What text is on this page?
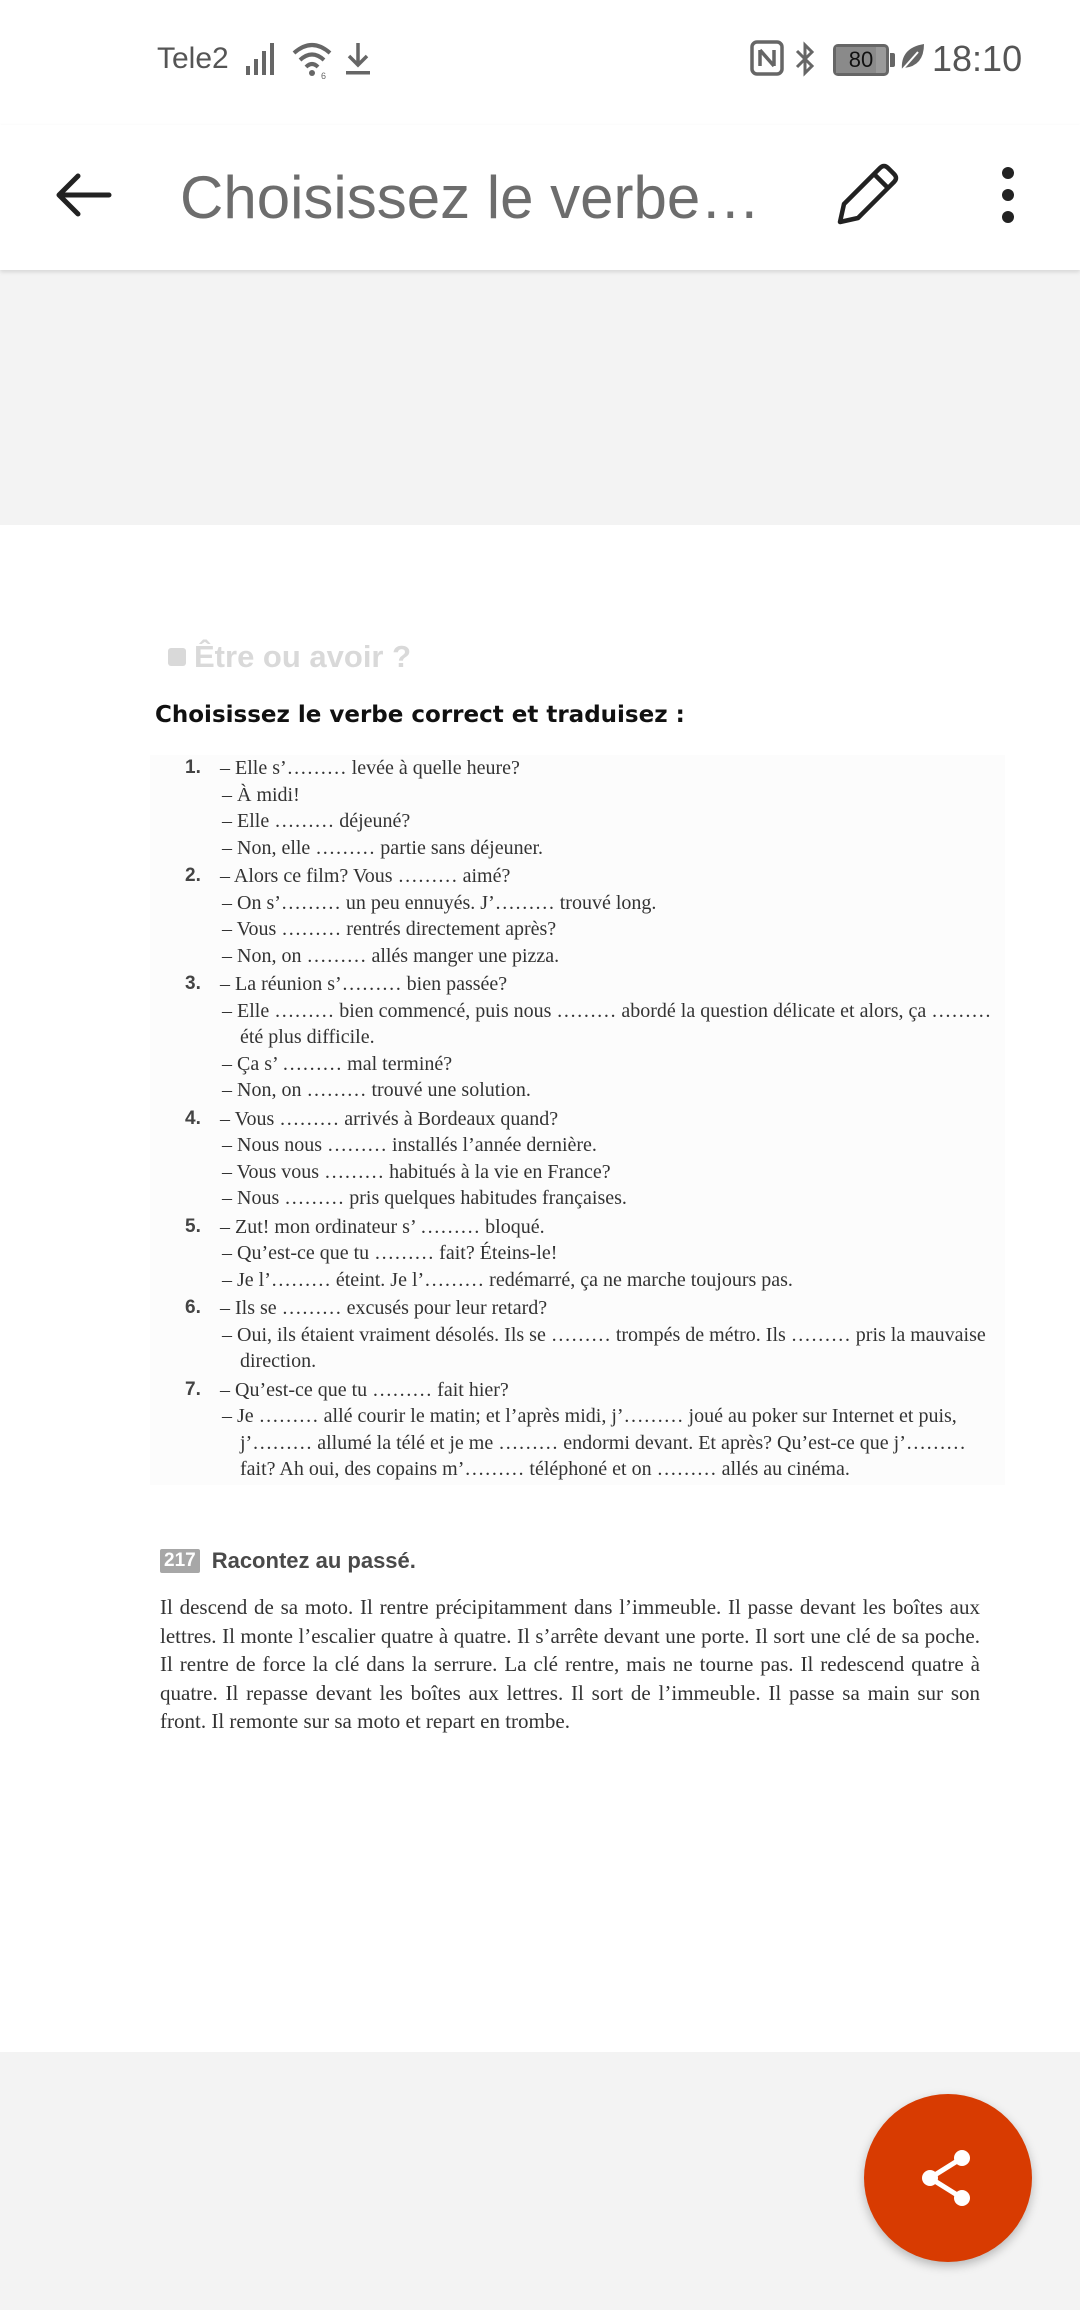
Tele2
6
80	18:10
Choisissez le verbe…
Être ou avoir ?
Choisissez le verbe correct et traduisez :
1. – Elle s’……… levée à quelle heure?
– À midi!
– Elle ……… déjeuné?
– Non, elle ……… partie sans déjeuner.
2. – Alors ce film? Vous ……… aimé?
– On s’……… un peu ennuyés. J’……… trouvé long.
– Vous ……… rentrés directement après?
– Non, on ……… allés manger une pizza.
3. – La réunion s’……… bien passée?
– Elle ……… bien commencé, puis nous ……… abordé la question délicate et alors, ça ……… été plus difficile.
– Ça s’ ……… mal terminé?
– Non, on ……… trouvé une solution.
4. – Vous ……… arrivés à Bordeaux quand?
– Nous nous ……… installés l’année dernière.
– Vous vous ……… habitués à la vie en France?
– Nous ……… pris quelques habitudes françaises.
5. – Zut! mon ordinateur s’ ……… bloqué.
– Qu’est-ce que tu ……… fait? Éteins-le!
– Je l’……… éteint. Je l’……… redémarré, ça ne marche toujours pas.
6. – Ils se ……… excusés pour leur retard?
– Oui, ils étaient vraiment désolés. Ils se ……… trompés de métro. Ils ……… pris la mauvaise direction.
7. – Qu’est-ce que tu ……… fait hier?
– Je ……… allé courir le matin; et l’après midi, j’……… joué au poker sur Internet et puis, j’……… allumé la télé et je me ……… endormi devant. Et après? Qu’est-ce que j’……… fait? Ah oui, des copains m’……… téléphoné et on ……… allés au cinéma.
217 Racontez au passé.
Il descend de sa moto. Il rentre précipitamment dans l’immeuble. Il passe devant les boîtes aux lettres. Il monte l’escalier quatre à quatre. Il s’arrête devant une porte. Il sort une clé de sa poche. Il rentre de force la clé dans la serrure. La clé rentre, mais ne tourne pas. Il redescend quatre à quatre. Il repasse devant les boîtes aux lettres. Il sort de l’immeuble. Il passe sa main sur son front. Il remonte sur sa moto et repart en trombe.
